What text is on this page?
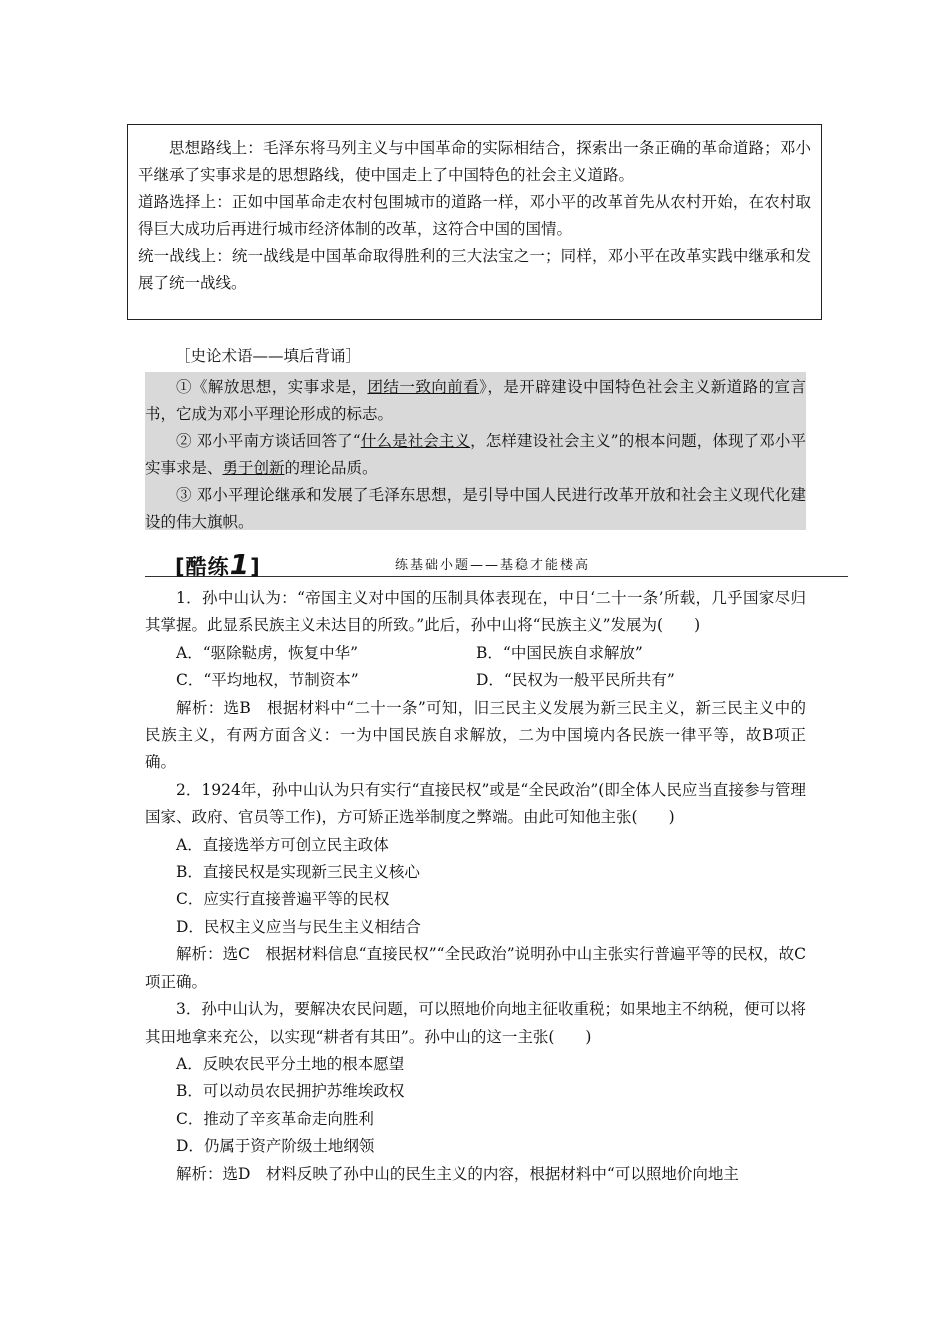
思想路线上：毛泽东将马列主义与中国革命的实际相结合，探索出一条正确的革命道路；邓小平继承了实事求是的思想路线，使中国走上了中国特色的社会主义道路。

道路选择上：正如中国革命走农村包围城市的道路一样，邓小平的改革首先从农村开始，在农村取得巨大成功后再进行城市经济体制的改革，这符合中国的国情。

统一战线上：统一战线是中国革命取得胜利的三大法宝之一；同样，邓小平在改革实践中继承和发展了统一战线。

［史论术语——填后背诵］

①《解放思想，实事求是，团结一致向前看》，是开辟建设中国特色社会主义新道路的宣言书，它成为邓小平理论形成的标志。

② 邓小平南方谈话回答了“什么是社会主义，怎样建设社会主义”的根本问题，体现了邓小平实事求是、勇于创新的理论品质。

③ 邓小平理论继承和发展了毛泽东思想，是引导中国人民进行改革开放和社会主义现代化建设的伟大旗帜。

[酷练1]	练基础小题——基稳才能楼高

1．孙中山认为：“帝国主义对中国的压制具体表现在，中日‘二十一条’所载，几乎国家尽归其掌握。此显系民族主义未达目的所致。”此后，孙中山将“民族主义”发展为(　　)

A．“驱除鞑虏，恢复中华”	B．“中国民族自求解放”
C．“平均地权，节制资本”	D．“民权为一般平民所共有”

解析：选B　根据材料中“二十一条”可知，旧三民主义发展为新三民主义，新三民主义中的民族主义，有两方面含义：一为中国民族自求解放，二为中国境内各民族一律平等，故B项正确。

2．1924年，孙中山认为只有实行“直接民权”或是“全民政治”(即全体人民应当直接参与管理国家、政府、官员等工作)，方可矫正选举制度之弊端。由此可知他主张(　　)

A．直接选举方可创立民主政体

B．直接民权是实现新三民主义核心

C．应实行直接普遍平等的民权

D．民权主义应当与民生主义相结合

解析：选C　根据材料信息“直接民权”“全民政治”说明孙中山主张实行普遍平等的民权，故C项正确。

3．孙中山认为，要解决农民问题，可以照地价向地主征收重税；如果地主不纳税，便可以将其田地拿来充公，以实现“耕者有其田”。孙中山的这一主张(　　)

A．反映农民平分土地的根本愿望

B．可以动员农民拥护苏维埃政权

C．推动了辛亥革命走向胜利

D．仍属于资产阶级土地纲领

解析：选D　材料反映了孙中山的民生主义的内容，根据材料中“可以照地价向地主
